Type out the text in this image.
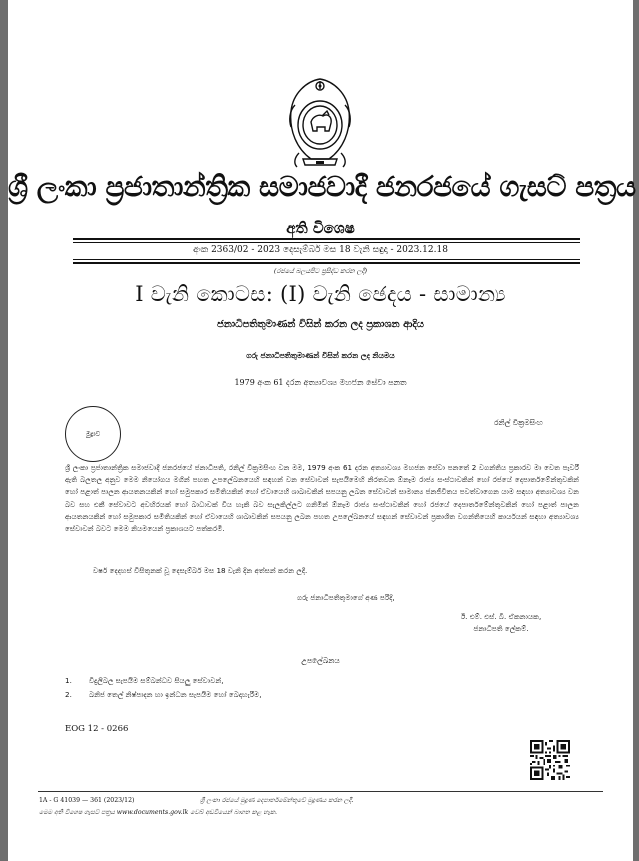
ශ්‍රී ලංකා ප්‍රජාතාන්ත්‍රික සමාජවාදී ජනරජයේ ගැසට් පත්‍රය
අති විශෙෂ
අංක 2363/02 - 2023 දෙසැම්බර් මස 18 වැනි සඳුදා - 2023.12.18
(රජයේ බලයපිට ප්‍රසිද්ධ කරන ලදී)
I වැනි කොටස: (I) වැනි ඡෙදය - සාමාන්‍ය
ජනාධිපතිතුමාණන් විසින් කරන ලද ප්‍රකාශන ආදිය
ගරු ජනාධිපතිතුමාණන් විසින් කරන ලද නියමය
1979 අංක 61 දරන අත්‍යාවශ්‍ය මහජන සේවා පනත
මුද්‍රාව
රනිල් වික්‍රමසිංහ
ශ්‍රී ලංකා ප්‍රජාතාන්ත්‍රික සමාජවාදී ජනරජයේ ජනාධිපති, රනිල් වික්‍රමසිංහ වන මම, 1979 අංක 61 දරන අත්‍යාවශ්‍ය මහජන සේවා පනතේ 2 වගන්තිය ප්‍රකාරව මා වෙත පැවරී ඇති බලතල අනුව මෙම නියෝගය මගින් පහත උපලේඛනයෙහි සඳහන් වන සේවාවන් සැපයීමෙහි නිරතවන ඕනෑම රාජ්‍ය සංස්ථාවකින් හෝ රජයේ දෙපාර්තමේන්තුවකින් හෝ පළාත් පාලන ආයතනයකින් හෝ සමුපකාර සමිතියකින් හෝ ඒවායෙහි ශාඛාවකින් සපයනු ලබන සේවාවන් සාමාන්‍ය ජනජීවිතය පවත්වාගෙන යාම සඳහා අත්‍යාවශ්‍ය වන බව සහ එකී සේවාවට අවහිරයක් හෝ බාධාවක් විය හැකි බව සැලකිල්ලට ගනිමින් ඕනෑම රාජ්‍ය සංස්ථාවකින් හෝ රජයේ දෙපාර්තමේන්තුවකින් හෝ පළාත් පාලන ආයතනයකින් හෝ සමුපකාර සමිතියකින් හෝ ඒවායෙහි ශාඛාවකින් සපයනු ලබන පහත උපලේඛනයේ සඳහන් සේවාවන් ප්‍රකාශිත වගන්තියෙහි කාර්යයන් සඳහා අත්‍යාවශ්‍ය සේවාවන් බවට මෙම නියමයෙන් ප්‍රකාශයට පත්කරමි.
වර්ෂ දෙදහස් විසිතුනක් වූ දෙසැම්බර් මස 18 වැනි දින අත්සන් කරන ලදී.
ගරු ජනාධිපතිතුමාගේ අණ පරිදි,
ඊ. එම්. එස්. බී. ඒකනායක,
ජනාධිපති ලේකම්.
උපලේඛනය
1. විදුලිබල සැපයීම සම්බන්ධව සියලු සේවාවන්,
2. ඛනිජ තෙල් නිෂ්පාදන හා ඉන්ධන සැපයීම හෝ බෙදාහැරීම,
EOG 12 - 0266
1A - G 41039 — 361 (2023/12)	ශ්‍රී ලංකා රජයේ මුද්‍රණ දෙපාර්තමේන්තුවේ මුද්‍රණය කරන ලදී.
මෙම අති විශෙෂ ගැසට් පත්‍රය www.documents.gov.lk වෙබ් අඩවියෙන් බාගත කළ හැක.
